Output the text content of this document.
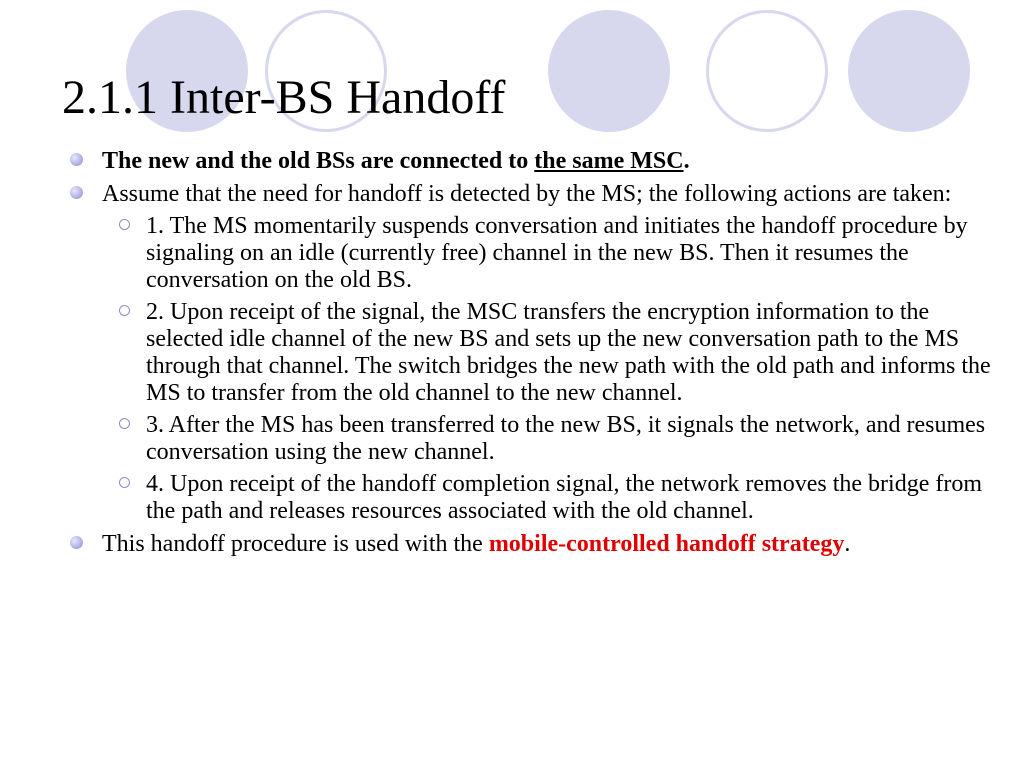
2.1.1 Inter-BS Handoff
The new and the old BSs are connected to the same MSC.
Assume that the need for handoff is detected by the MS; the following actions are taken:
1. The MS momentarily suspends conversation and initiates the handoff procedure by signaling on an idle (currently free) channel in the new BS. Then it resumes the conversation on the old BS.
2. Upon receipt of the signal, the MSC transfers the encryption information to the selected idle channel of the new BS and sets up the new conversation path to the MS through that channel. The switch bridges the new path with the old path and informs the MS to transfer from the old channel to the new channel.
3. After the MS has been transferred to the new BS, it signals the network, and resumes conversation using the new channel.
4. Upon receipt of the handoff completion signal, the network removes the bridge from the path and releases resources associated with the old channel.
This handoff procedure is used with the mobile-controlled handoff strategy.
